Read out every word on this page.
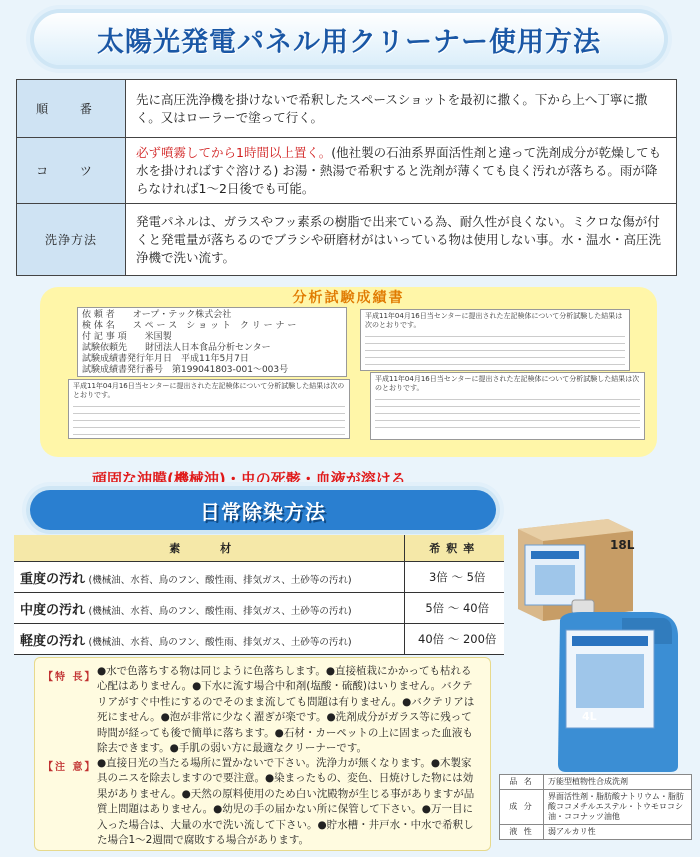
太陽光発電パネル用クリーナー使用方法
順 番	先に高圧洗浄機を掛けないで希釈したスペースショットを最初に撒く。下から上へ丁寧に撒く。又はローラーで塗って行く。
コ ツ	必ず噴霧してから1時間以上置く。(他社製の石油系界面活性剤と違って洗剤成分が乾燥しても水を掛ければすぐ溶ける) お湯・熱湯で希釈すると洗剤が薄くても良く汚れが落ちる。雨が降らなければ1～2日後でも可能。
洗浄方法	発電パネルは、ガラスやフッ素系の樹脂で出来ている為、耐久性が良くない。ミクロな傷が付くと発電量が落ちるのでブラシや研磨材がはいっている物は使用しない事。水・温水・高圧洗浄機で洗い流す。
分析試験成績書
依 頼 者　　オープ・テック株式会社
検 体 名　　ス ペ ー ス　シ ョ ッ ト　ク リ ー ナ ー
付 記 事 項　　米国製
試験依頼先　　財団法人日本食品分析センター
試験成績書発行年月日　平成11年5月7日
試験成績書発行番号　第199041803-001～003号
平成11年04月16日当センターに提出された左記検体について分析試験した結果は次のとおりです。
平成11年04月16日当センターに提出された左記検体について分析試験した結果は次のとおりです。
平成11年04月16日当センターに提出された左記検体について分析試験した結果は次のとおりです。
頑固な油膜(機械油)・虫の死骸・血液が溶ける
日常除染方法
素 材	希釈率
重度の汚れ (機械油、水苔、鳥のフン、酸性雨、排気ガス、土砂等の汚れ)	3倍 ～ 5倍
中度の汚れ (機械油、水苔、鳥のフン、酸性雨、排気ガス、土砂等の汚れ)	5倍 ～ 40倍
軽度の汚れ (機械油、水苔、鳥のフン、酸性雨、排気ガス、土砂等の汚れ)	40倍 ～ 200倍
【特 長】
●水で色落ちする物は同じように色落ちします。●直接植栽にかかっても枯れる心配はありません。●下水に流す場合中和剤(塩酸・硫酸)はいりません。バクテリアがすぐ中性にするのでそのまま流しても問題は有りません。●バクテリアは死にません。●泡が非常に少なく濯ぎが楽です。●洗剤成分がガラス等に残って時間が経っても後で簡単に落ちます。●石材・カーペットの上に固まった血液も除去できます。●手肌の弱い方に最適なクリーナーです。
【注 意】 ●直接日光の当たる場所に置かないで下さい。洗浄力が無くなります。●木製家具のニスを除去しますので要注意。●染まったもの、変色、日焼けした物には効果がありません。●天然の原料使用のため白い沈殿物が生じる事がありますが品質上問題はありません。●幼児の手の届かない所に保管して下さい。●万一目に入った場合は、大量の水で洗い流して下さい。●貯水槽・井戸水・中水で希釈した場合1～2週間で腐敗する場合があります。
18L
4L
品 名	万能型植物性合成洗剤
成 分	界面活性剤・脂肪酸ナトリウム・脂肪酸ココメチルエステル・トウモロコシ油・ココナッツ油他
液 性	弱アルカリ性
